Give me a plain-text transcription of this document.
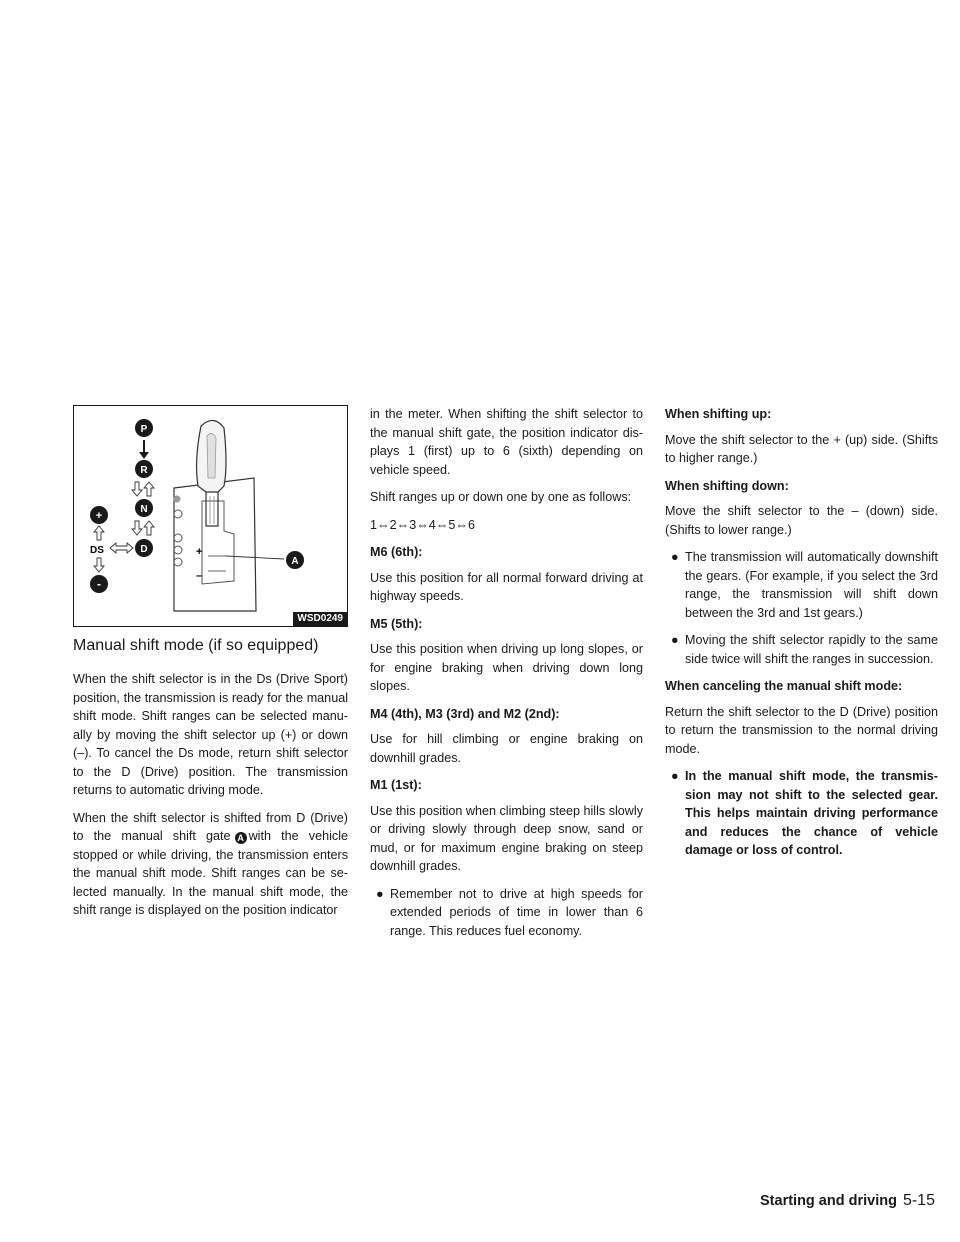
+
–
A
P
R
N
D
DS
+
-
WSD0249
Manual shift mode (if so equipped)

When the shift selector is in the Ds (Drive Sport) position, the transmission is ready for the manual shift mode. Shift ranges can be selected manually by moving the shift selector up (+) or down (–). To cancel the Ds mode, return shift selector to the D (Drive) position. The transmission returns to automatic driving mode.

When the shift selector is shifted from D (Drive) to the manual shift gate A with the vehicle stopped or while driving, the transmission enters the manual shift mode. Shift ranges can be selected manually. In the manual shift mode, the shift range is displayed on the position indicator

in the meter. When shifting the shift selector to the manual shift gate, the position indicator displays 1 (first) up to 6 (sixth) depending on vehicle speed.

Shift ranges up or down one by one as follows:

1⇔2⇔3⇔4⇔5⇔6

M6 (6th):

Use this position for all normal forward driving at highway speeds.

M5 (5th):

Use this position when driving up long slopes, or for engine braking when driving down long slopes.

M4 (4th), M3 (3rd) and M2 (2nd):

Use for hill climbing or engine braking on downhill grades.

M1 (1st):

Use this position when climbing steep hills slowly or driving slowly through deep snow, sand or mud, or for maximum engine braking on steep downhill grades.

● Remember not to drive at high speeds for extended periods of time in lower than 6 range. This reduces fuel economy.
When shifting up:

Move the shift selector to the + (up) side. (Shifts to higher range.)

When shifting down:

Move the shift selector to the – (down) side. (Shifts to lower range.)

● The transmission will automatically downshift the gears. (For example, if you select the 3rd range, the transmission will shift down between the 3rd and 1st gears.)
● Moving the shift selector rapidly to the same side twice will shift the ranges in succession.
When canceling the manual shift mode:

Return the shift selector to the D (Drive) position to return the transmission to the normal driving mode.

● In the manual shift mode, the transmission may not shift to the selected gear. This helps maintain driving performance and reduces the chance of vehicle damage or loss of control.
Starting and driving 5-15
